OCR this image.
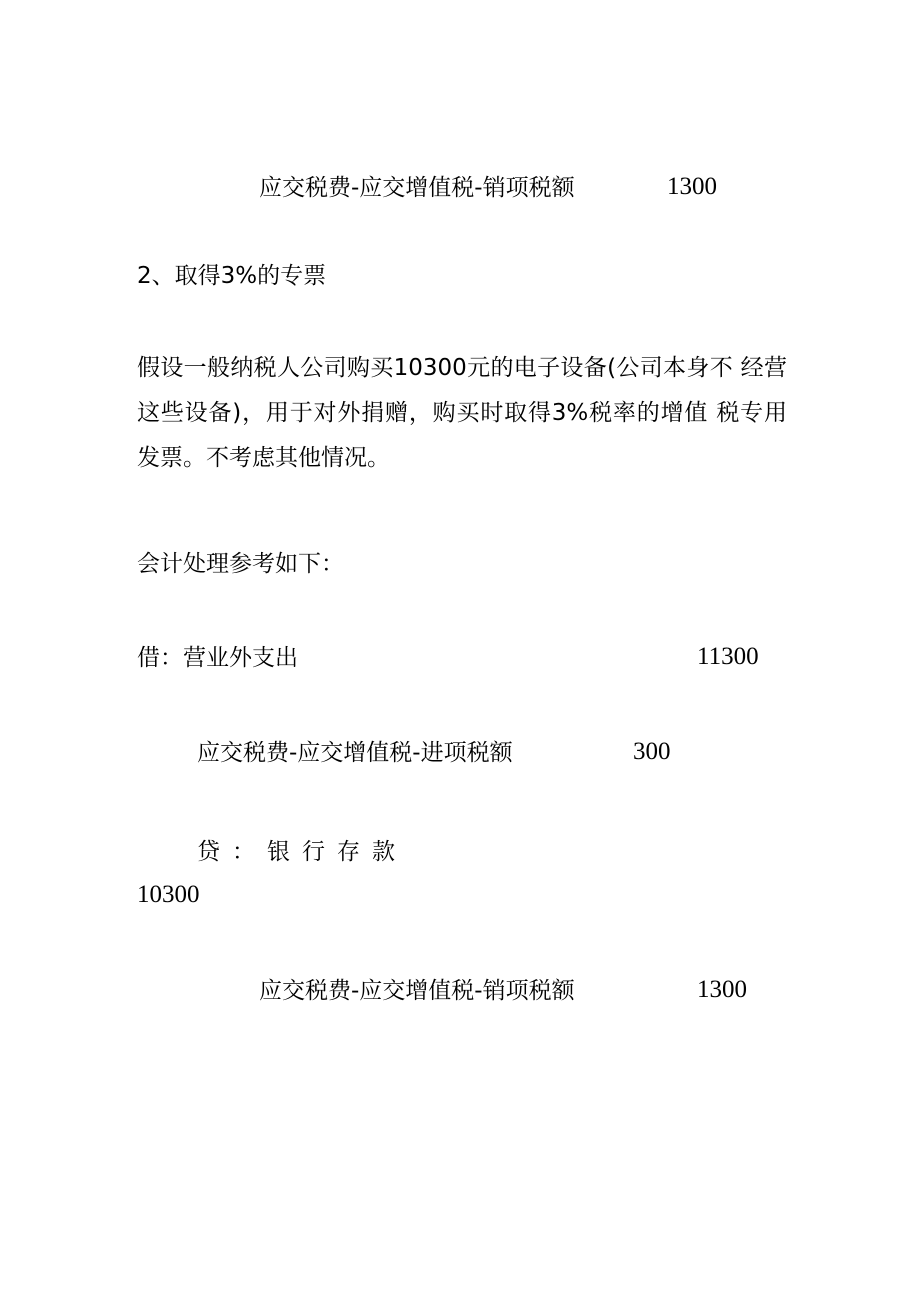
应交税费-应交增值税-销项税额	1300
2、取得3%的专票
假设一般纳税人公司购买10300元的电子设备(公司本身不 经营这些设备)，用于对外捐赠，购买时取得3%税率的增值 税专用发票。不考虑其他情况。
会计处理参考如下：
借：营业外支出	11300
应交税费-应交增值税-进项税额	300
贷：银行存款
10300
应交税费-应交增值税-销项税额	1300
